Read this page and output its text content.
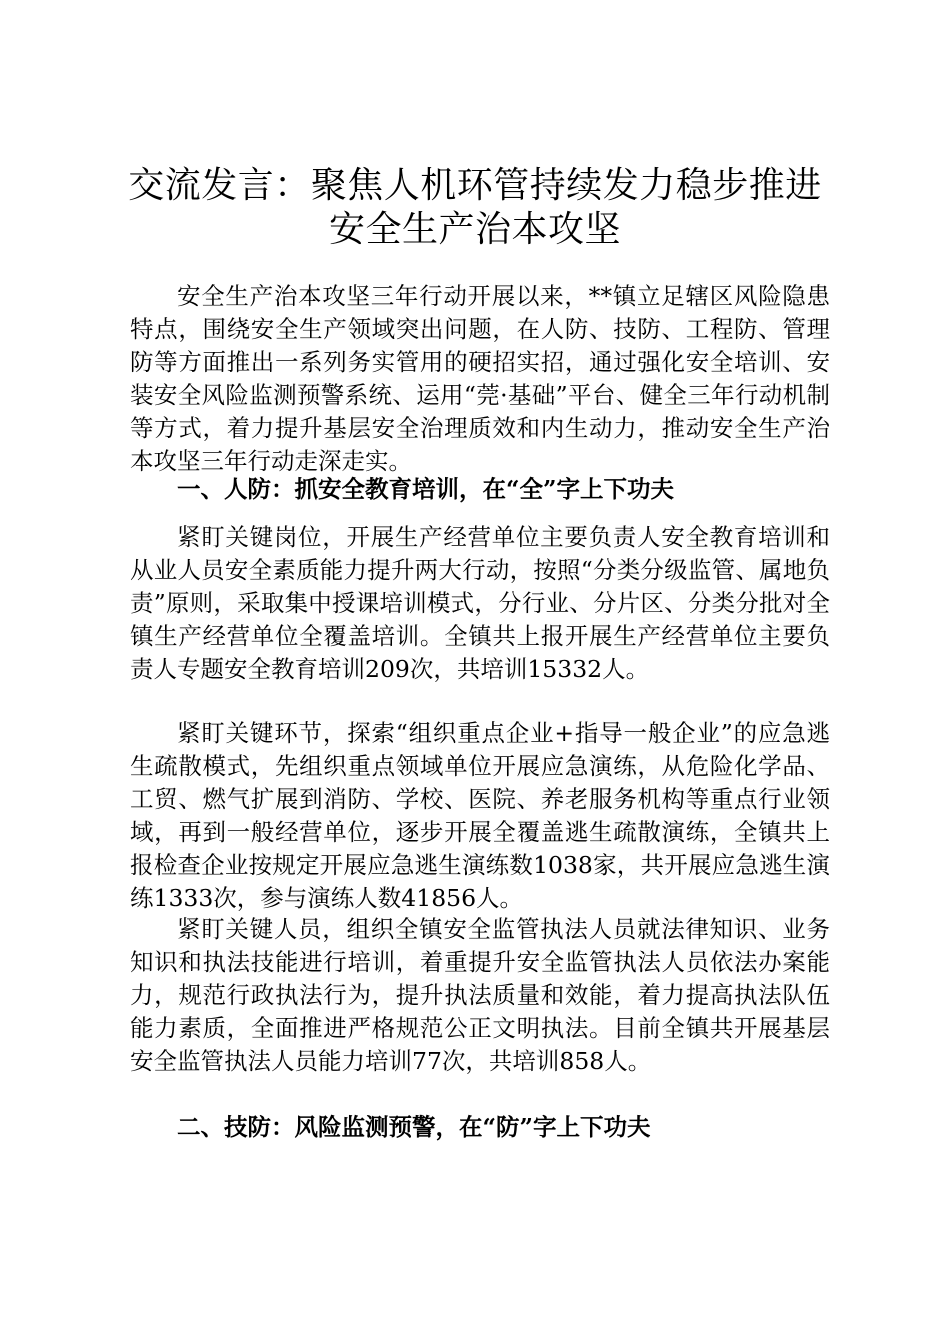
交流发言：聚焦人机环管持续发力稳步推进安全生产治本攻坚

安全生产治本攻坚三年行动开展以来，**镇立足辖区风险隐患特点，围绕安全生产领域突出问题，在人防、技防、工程防、管理防等方面推出一系列务实管用的硬招实招，通过强化安全培训、安装安全风险监测预警系统、运用“莞·基础”平台、健全三年行动机制等方式，着力提升基层安全治理质效和内生动力，推动安全生产治本攻坚三年行动走深走实。

一、人防：抓安全教育培训，在“全”字上下功夫

紧盯关键岗位，开展生产经营单位主要负责人安全教育培训和从业人员安全素质能力提升两大行动，按照“分类分级监管、属地负责”原则，采取集中授课培训模式，分行业、分片区、分类分批对全镇生产经营单位全覆盖培训。全镇共上报开展生产经营单位主要负责人专题安全教育培训209次，共培训15332人。

紧盯关键环节，探索“组织重点企业+指导一般企业”的应急逃生疏散模式，先组织重点领域单位开展应急演练，从危险化学品、工贸、燃气扩展到消防、学校、医院、养老服务机构等重点行业领域，再到一般经营单位，逐步开展全覆盖逃生疏散演练，全镇共上报检查企业按规定开展应急逃生演练数1038家，共开展应急逃生演练1333次，参与演练人数41856人。

紧盯关键人员，组织全镇安全监管执法人员就法律知识、业务知识和执法技能进行培训，着重提升安全监管执法人员依法办案能力，规范行政执法行为，提升执法质量和效能，着力提高执法队伍能力素质，全面推进严格规范公正文明执法。目前全镇共开展基层安全监管执法人员能力培训77次，共培训858人。

二、技防：风险监测预警，在“防”字上下功夫
